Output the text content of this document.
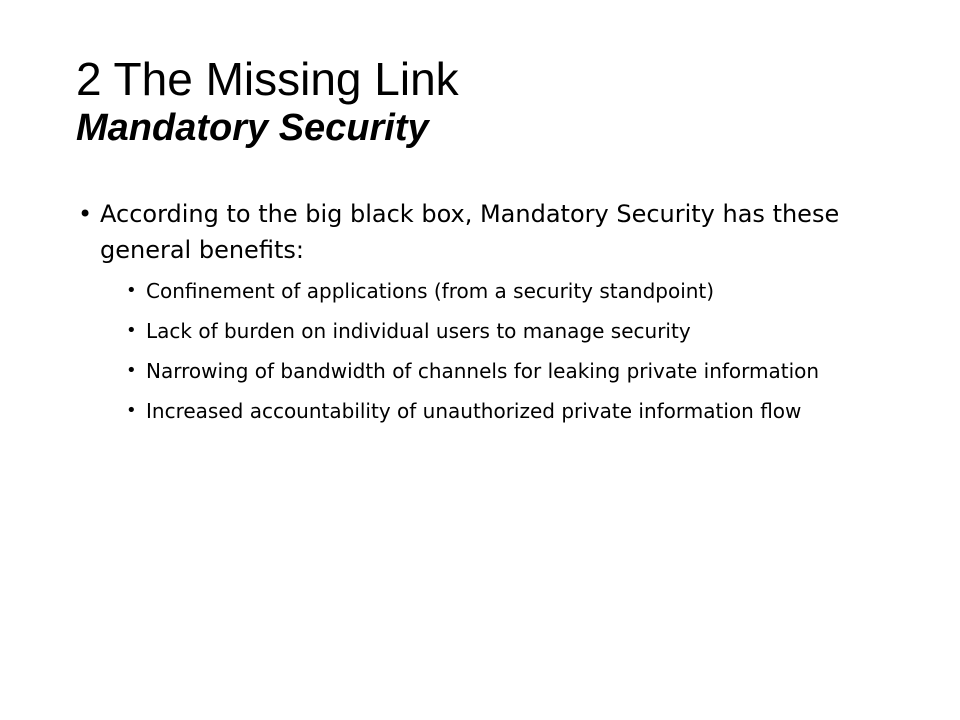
2 The Missing Link
Mandatory Security

• According to the big black box, Mandatory Security has these general benefits:

• Confinement of applications (from a security standpoint)
• Lack of burden on individual users to manage security
• Narrowing of bandwidth of channels for leaking private information
• Increased accountability of unauthorized private information flow
